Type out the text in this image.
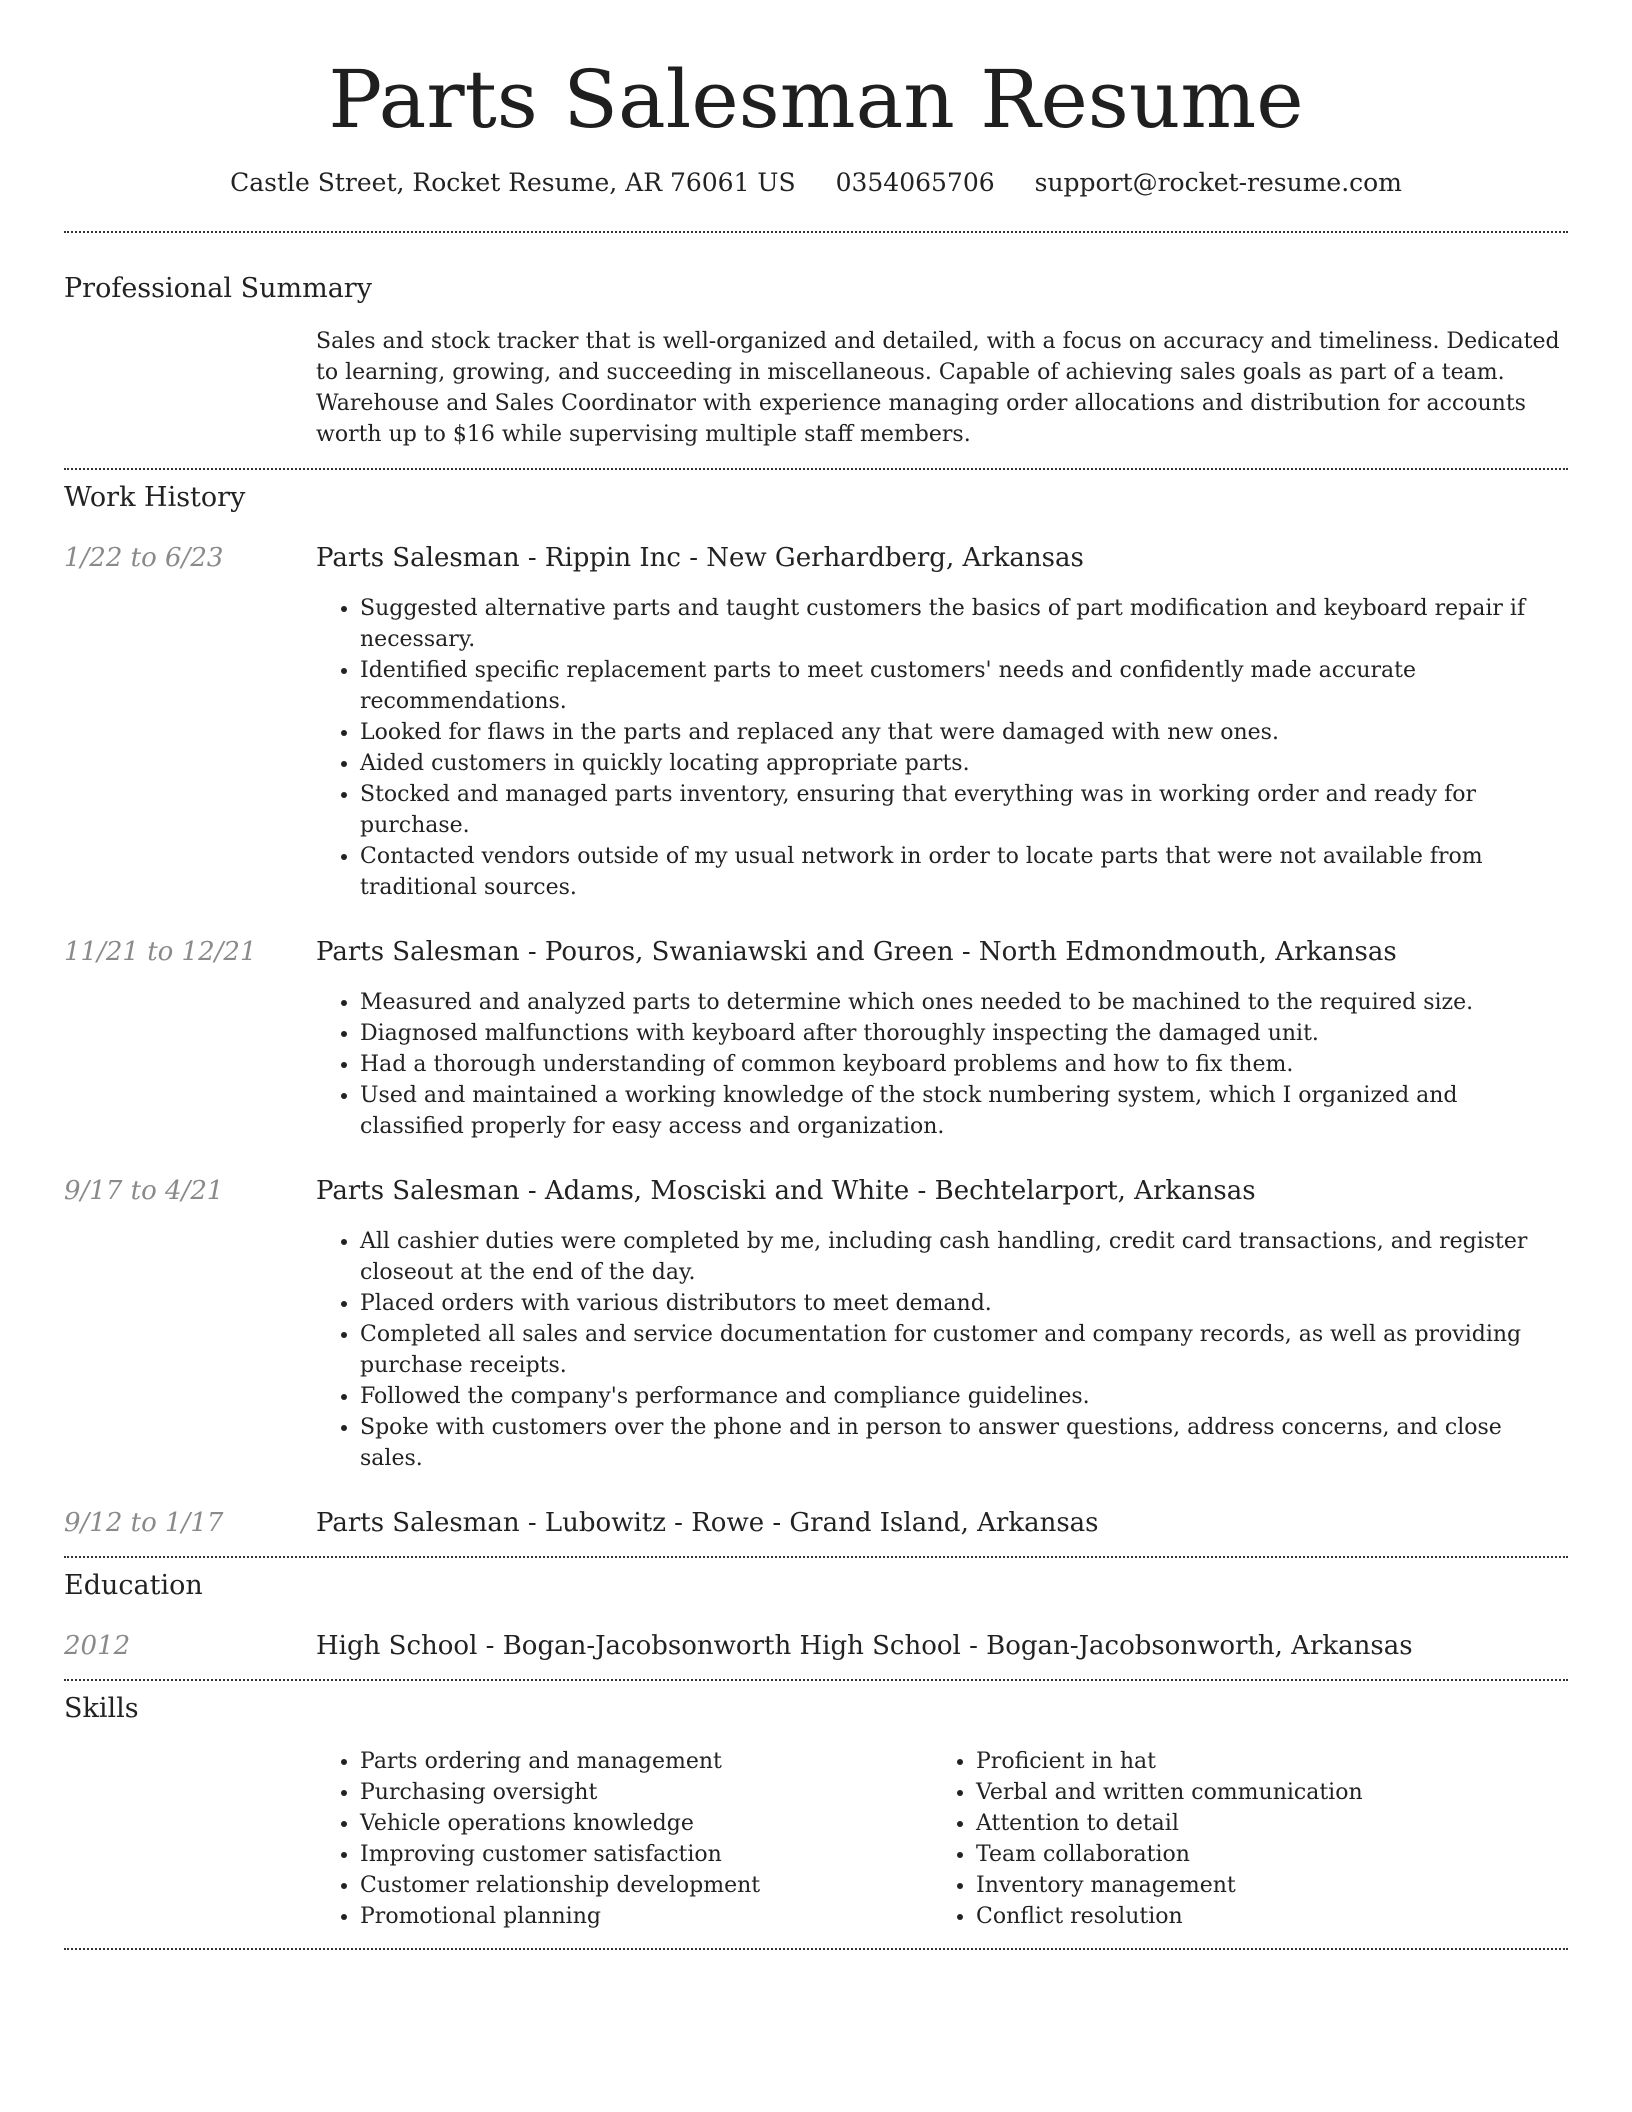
Parts Salesman Resume
Castle Street, Rocket Resume, AR 76061 US 0354065706 support@rocket-resume.com
Professional Summary

Sales and stock tracker that is well-organized and detailed, with a focus on accuracy and timeliness. Dedicated to learning, growing, and succeeding in miscellaneous. Capable of achieving sales goals as part of a team. Warehouse and Sales Coordinator with experience managing order allocations and distribution for accounts worth up to $16 while supervising multiple staff members.

Work History
1/22 to 6/23	Parts Salesman - Rippin Inc - New Gerhardberg, Arkansas
• Suggested alternative parts and taught customers the basics of part modification and keyboard repair if necessary.
• Identified specific replacement parts to meet customers' needs and confidently made accurate recommendations.
• Looked for flaws in the parts and replaced any that were damaged with new ones.
• Aided customers in quickly locating appropriate parts.
• Stocked and managed parts inventory, ensuring that everything was in working order and ready for purchase.
• Contacted vendors outside of my usual network in order to locate parts that were not available from traditional sources.
11/21 to 12/21	Parts Salesman - Pouros, Swaniawski and Green - North Edmondmouth, Arkansas
• Measured and analyzed parts to determine which ones needed to be machined to the required size.
• Diagnosed malfunctions with keyboard after thoroughly inspecting the damaged unit.
• Had a thorough understanding of common keyboard problems and how to fix them.
• Used and maintained a working knowledge of the stock numbering system, which I organized and classified properly for easy access and organization.
9/17 to 4/21	Parts Salesman - Adams, Mosciski and White - Bechtelarport, Arkansas
• All cashier duties were completed by me, including cash handling, credit card transactions, and register closeout at the end of the day.
• Placed orders with various distributors to meet demand.
• Completed all sales and service documentation for customer and company records, as well as providing purchase receipts.
• Followed the company's performance and compliance guidelines.
• Spoke with customers over the phone and in person to answer questions, address concerns, and close sales.
9/12 to 1/17	Parts Salesman - Lubowitz - Rowe - Grand Island, Arkansas
Education
2012	High School - Bogan-Jacobsonworth High School - Bogan-Jacobsonworth, Arkansas
Skills
• Parts ordering and management
• Purchasing oversight
• Vehicle operations knowledge
• Improving customer satisfaction
• Customer relationship development
• Promotional planning
• Proficient in hat
• Verbal and written communication
• Attention to detail
• Team collaboration
• Inventory management
• Conflict resolution
